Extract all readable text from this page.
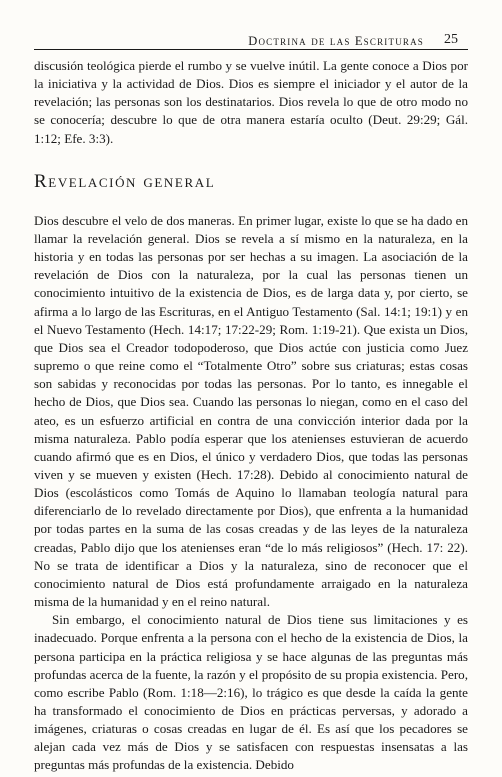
Doctrina de las Escrituras 25

discusión teológica pierde el rumbo y se vuelve inútil. La gente conoce a Dios por la iniciativa y la actividad de Dios. Dios es siempre el iniciador y el autor de la revelación; las personas son los destinatarios. Dios revela lo que de otro modo no se conocería; descubre lo que de otra manera estaría oculto (Deut. 29:29; Gál. 1:12; Efe. 3:3).

Revelación general

Dios descubre el velo de dos maneras. En primer lugar, existe lo que se ha dado en llamar la revelación general. Dios se revela a sí mismo en la naturaleza, en la historia y en todas las personas por ser hechas a su imagen. La asociación de la revelación de Dios con la naturaleza, por la cual las personas tienen un conocimiento intuitivo de la existencia de Dios, es de larga data y, por cierto, se afirma a lo largo de las Escrituras, en el Antiguo Testamento (Sal. 14:1; 19:1) y en el Nuevo Testamento (Hech. 14:17; 17:22-29; Rom. 1:19-21). Que exista un Dios, que Dios sea el Creador todopoderoso, que Dios actúe con justicia como Juez supremo o que reine como el “Totalmente Otro” sobre sus criaturas; estas cosas son sabidas y reconocidas por todas las personas. Por lo tanto, es innegable el hecho de Dios, que Dios sea. Cuando las personas lo niegan, como en el caso del ateo, es un esfuerzo artificial en contra de una convicción interior dada por la misma naturaleza. Pablo podía esperar que los atenienses estuvieran de acuerdo cuando afirmó que es en Dios, el único y verdadero Dios, que todas las personas viven y se mueven y existen (Hech. 17:28). Debido al conocimiento natural de Dios (escolásticos como Tomás de Aquino lo llamaban teología natural para diferenciarlo de lo revelado directamente por Dios), que enfrenta a la humanidad por todas partes en la suma de las cosas creadas y de las leyes de la naturaleza creadas, Pablo dijo que los atenienses eran “de lo más religiosos” (Hech. 17: 22). No se trata de identificar a Dios y la naturaleza, sino de reconocer que el conocimiento natural de Dios está profundamente arraigado en la naturaleza misma de la humanidad y en el reino natural.

Sin embargo, el conocimiento natural de Dios tiene sus limitaciones y es inadecuado. Porque enfrenta a la persona con el hecho de la existencia de Dios, la persona participa en la práctica religiosa y se hace algunas de las preguntas más profundas acerca de la fuente, la razón y el propósito de su propia existencia. Pero, como escribe Pablo (Rom. 1:18—2:16), lo trágico es que desde la caída la gente ha transformado el conocimiento de Dios en prácticas perversas, y adorado a imágenes, criaturas o cosas creadas en lugar de él. Es así que los pecadores se alejan cada vez más de Dios y se satisfacen con respuestas insensatas a las preguntas más profundas de la existencia. Debido
